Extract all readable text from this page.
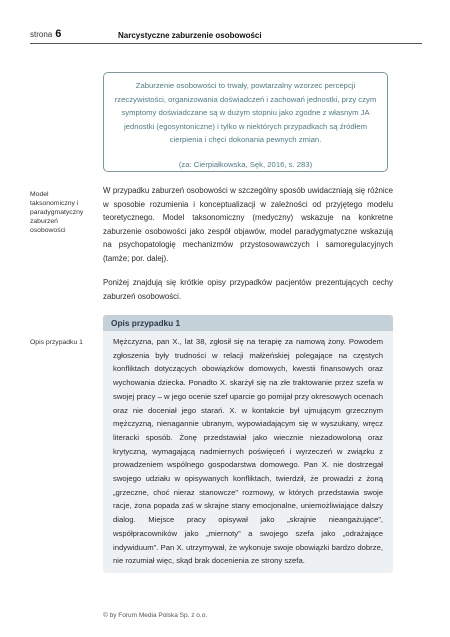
strona 6	Narcystyczne zaburzenie osobowości
Zaburzenie osobowości to trwały, powtarzalny wzorzec percepcji rzeczywistości, organizowania doświadczeń i zachowań jednostki, przy czym symptomy doświadczane są w dużym stopniu jako zgodne z własnym JA jednostki (egosyntoniczne) i tylko w niektórych przypadkach są źródłem cierpienia i chęci dokonania pewnych zmian.
(za: Cierpiałkowska, Sęk, 2016, s. 283)
Model taksonomiczny i paradygmatyczny zaburzeń osobowości
W przypadku zaburzeń osobowości w szczególny sposób uwidaczniają się różnice w sposobie rozumienia i konceptualizacji w zależności od przyjętego modelu teoretycznego. Model taksonomiczny (medyczny) wskazuje na konkretne zaburzenie osobowości jako zespół objawów, model paradygmatyczne wskazują na psychopatologię mechanizmów przystosowawczych i samoregulacyjnych (tamże; por. dalej).
Poniżej znajdują się krótkie opisy przypadków pacjentów prezentujących cechy zaburzeń osobowości.
Opis przypadku 1
Opis przypadku 1
Mężczyzna, pan X., lat 38, zgłosił się na terapię za namową żony. Powodem zgłoszenia były trudności w relacji małżeńskiej polegające na częstych konfliktach dotyczących obowiązków domowych, kwestii finansowych oraz wychowania dziecka. Ponadto X. skarżył się na złe traktowanie przez szefa w swojej pracy – w jego ocenie szef uparcie go pomijał przy okresowych ocenach oraz nie doceniał jego starań. X. w kontakcie był ujmującym grzecznym mężczyzną, nienagannie ubranym, wypowiadającym się w wyszukany, wręcz literacki sposób. Żonę przedstawiał jako wiecznie niezadowoloną oraz krytyczną, wymagającą nadmiernych poświęceń i wyrzeczeń w związku z prowadzeniem wspólnego gospodarstwa domowego. Pan X. nie dostrzegał swojego udziału w opisywanych konfliktach, twierdził, że prowadzi z żoną „grzeczne, choć nieraz stanowcze” rozmowy, w których przedstawia swoje racje, żona popada zaś w skrajne stany emocjonalne, uniemożliwiające dalszy dialog. Miejsce pracy opisywał jako „skrajnie nieangażujące”, współpracowników jako „miernoty” a swojego szefa jako „odrażające indywiduum”. Pan X. utrzymywał, że wykonuje swoje obowiązki bardzo dobrze, nie rozumiał więc, skąd brak docenienia ze strony szefa.
© by Forum Media Polska Sp. z o.o.
